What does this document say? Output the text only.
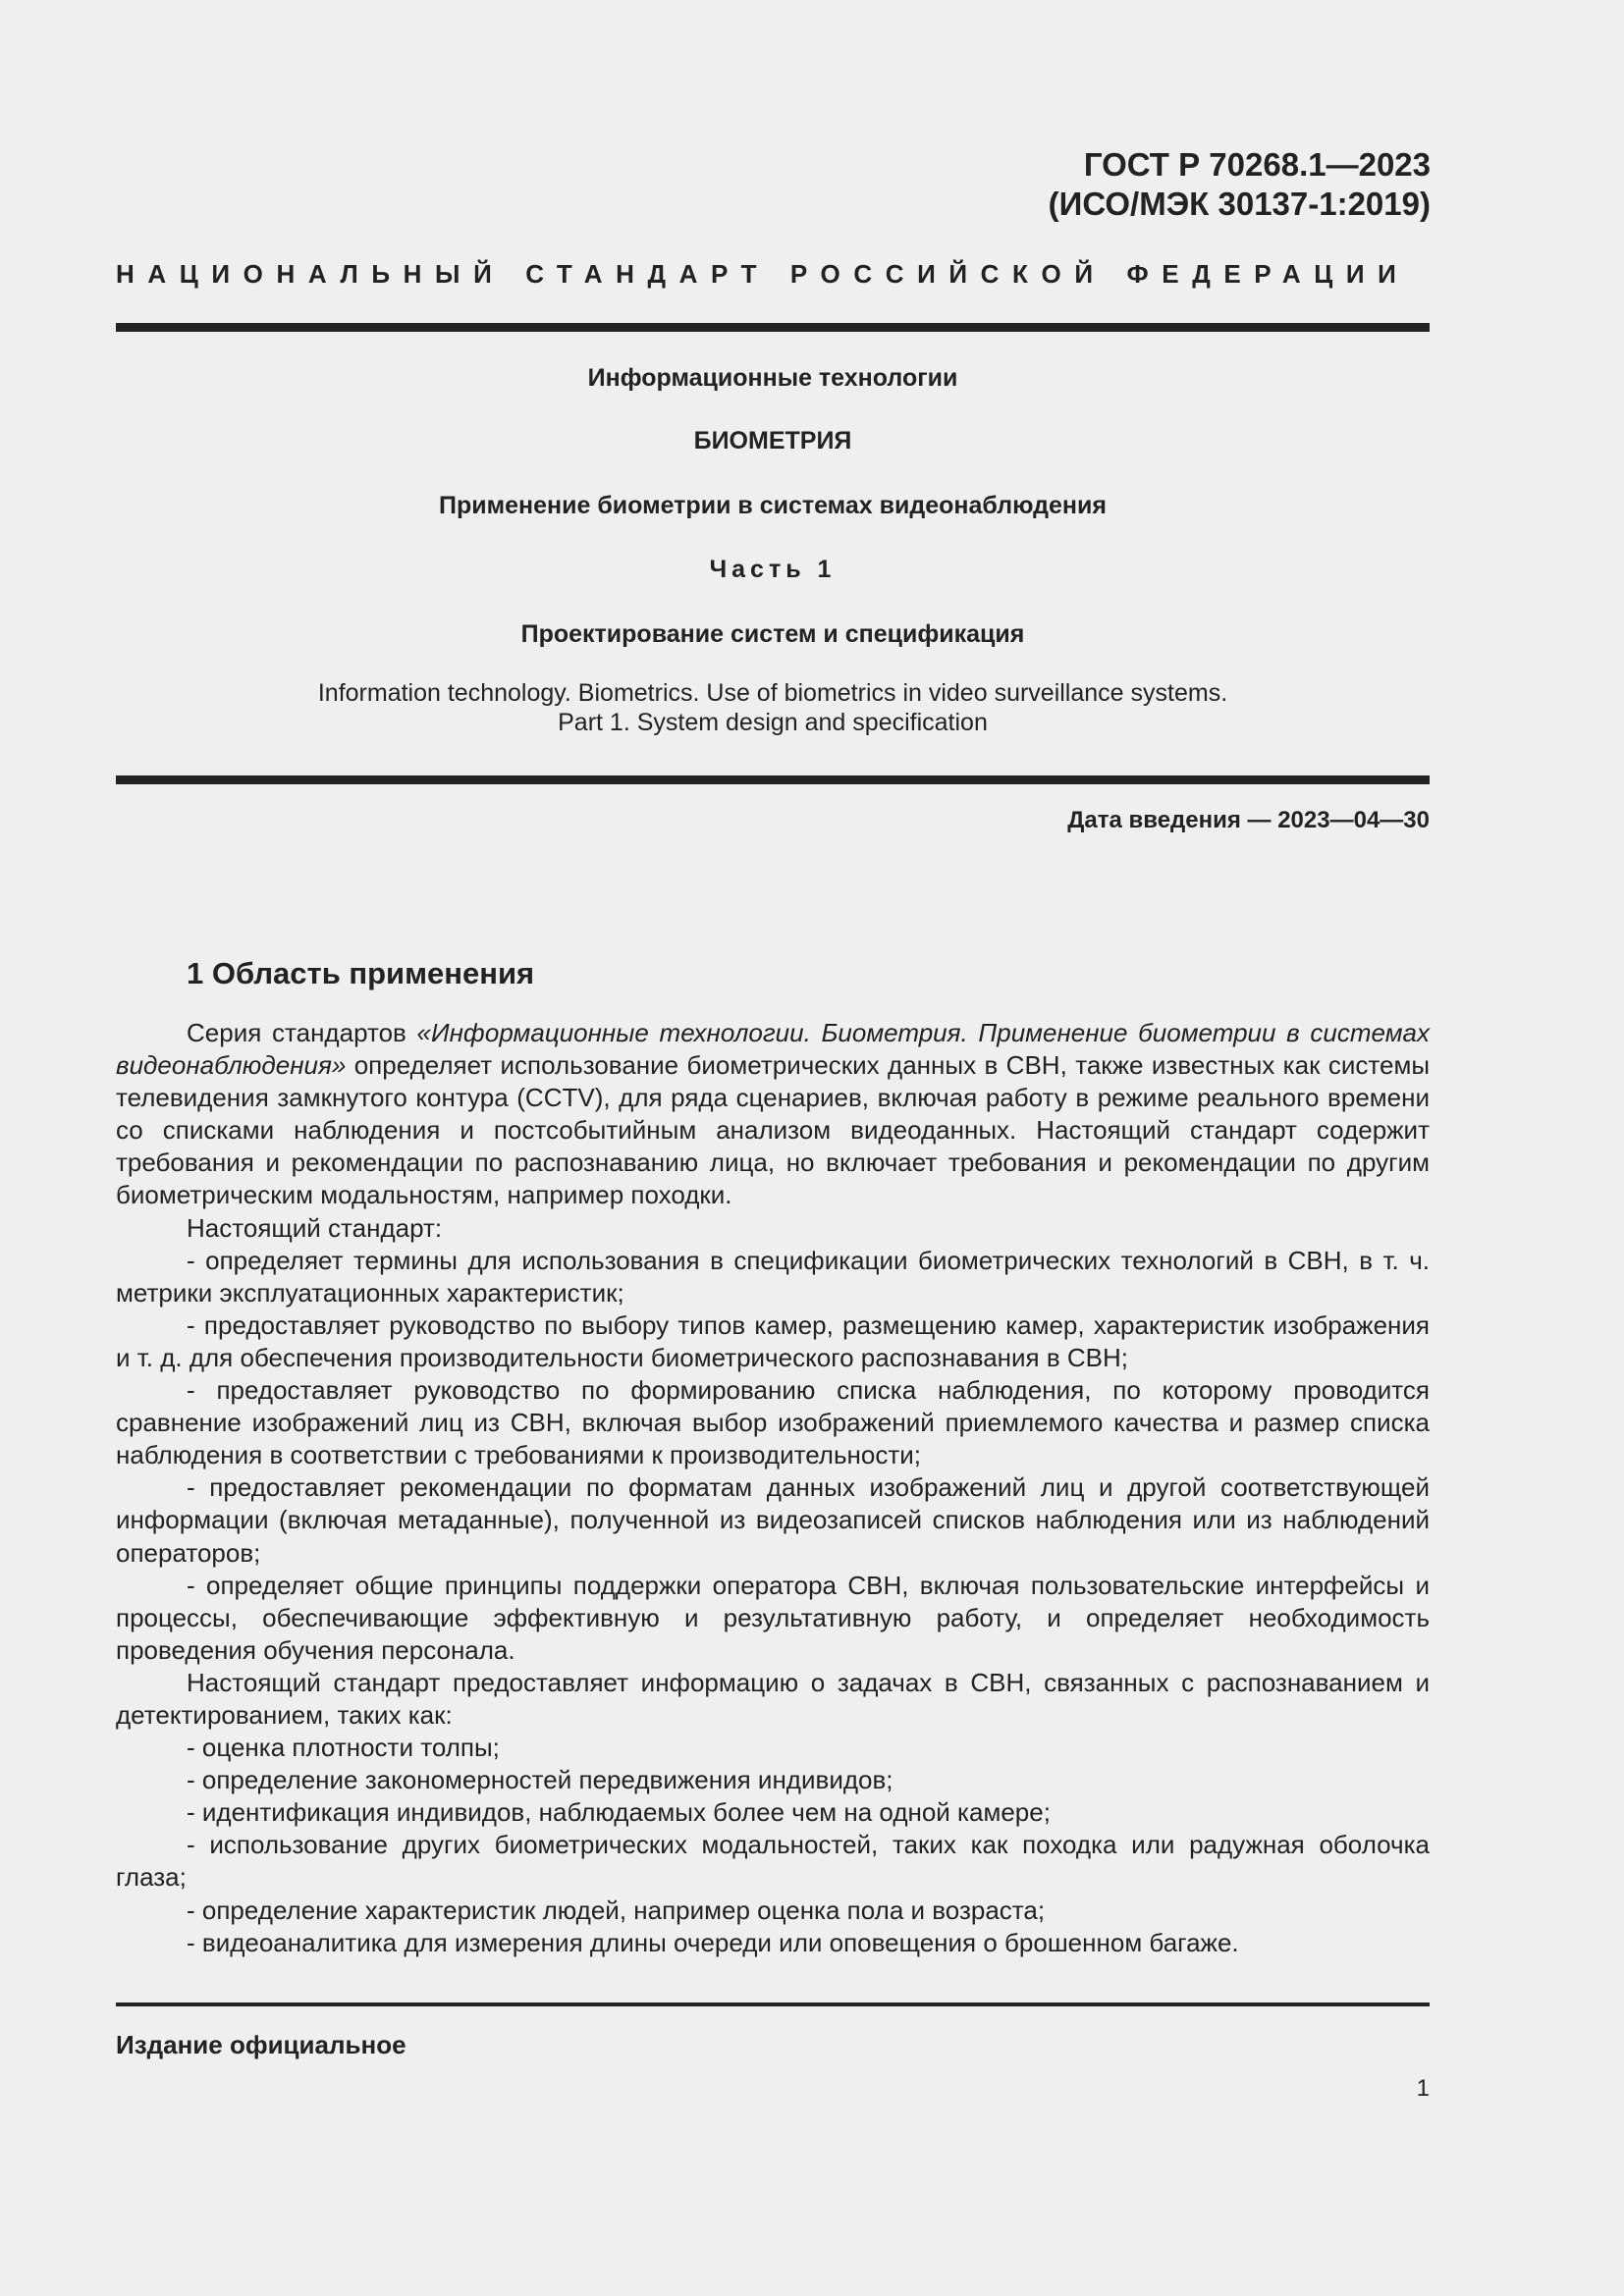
ГОСТ Р 70268.1—2023
(ИСО/МЭК 30137-1:2019)
НАЦИОНАЛЬНЫЙ СТАНДАРТ РОССИЙСКОЙ ФЕДЕРАЦИИ
Информационные технологии
БИОМЕТРИЯ
Применение биометрии в системах видеонаблюдения
Часть 1
Проектирование систем и спецификация
Information technology. Biometrics. Use of biometrics in video surveillance systems.
Part 1. System design and specification
Дата введения — 2023—04—30
1 Область применения

Серия стандартов «Информационные технологии. Биометрия. Применение биометрии в системах видеонаблюдения» определяет использование биометрических данных в СВН, также известных как системы телевидения замкнутого контура (CCTV), для ряда сценариев, включая работу в режиме реального времени со списками наблюдения и постсобытийным анализом видеоданных. Настоящий стандарт содержит требования и рекомендации по распознаванию лица, но включает требования и рекомендации по другим биометрическим модальностям, например походки.

Настоящий стандарт:

- определяет термины для использования в спецификации биометрических технологий в СВН, в т. ч. метрики эксплуатационных характеристик;

- предоставляет руководство по выбору типов камер, размещению камер, характеристик изображения и т. д. для обеспечения производительности биометрического распознавания в СВН;

- предоставляет руководство по формированию списка наблюдения, по которому проводится сравнение изображений лиц из СВН, включая выбор изображений приемлемого качества и размер списка наблюдения в соответствии с требованиями к производительности;

- предоставляет рекомендации по форматам данных изображений лиц и другой соответствующей информации (включая метаданные), полученной из видеозаписей списков наблюдения или из наблюдений операторов;

- определяет общие принципы поддержки оператора СВН, включая пользовательские интерфейсы и процессы, обеспечивающие эффективную и результативную работу, и определяет необходимость проведения обучения персонала.

Настоящий стандарт предоставляет информацию о задачах в СВН, связанных с распознаванием и детектированием, таких как:

- оценка плотности толпы;

- определение закономерностей передвижения индивидов;

- идентификация индивидов, наблюдаемых более чем на одной камере;

- использование других биометрических модальностей, таких как походка или радужная оболочка глаза;

- определение характеристик людей, например оценка пола и возраста;

- видеоаналитика для измерения длины очереди или оповещения о брошенном багаже.

Издание официальное
1
